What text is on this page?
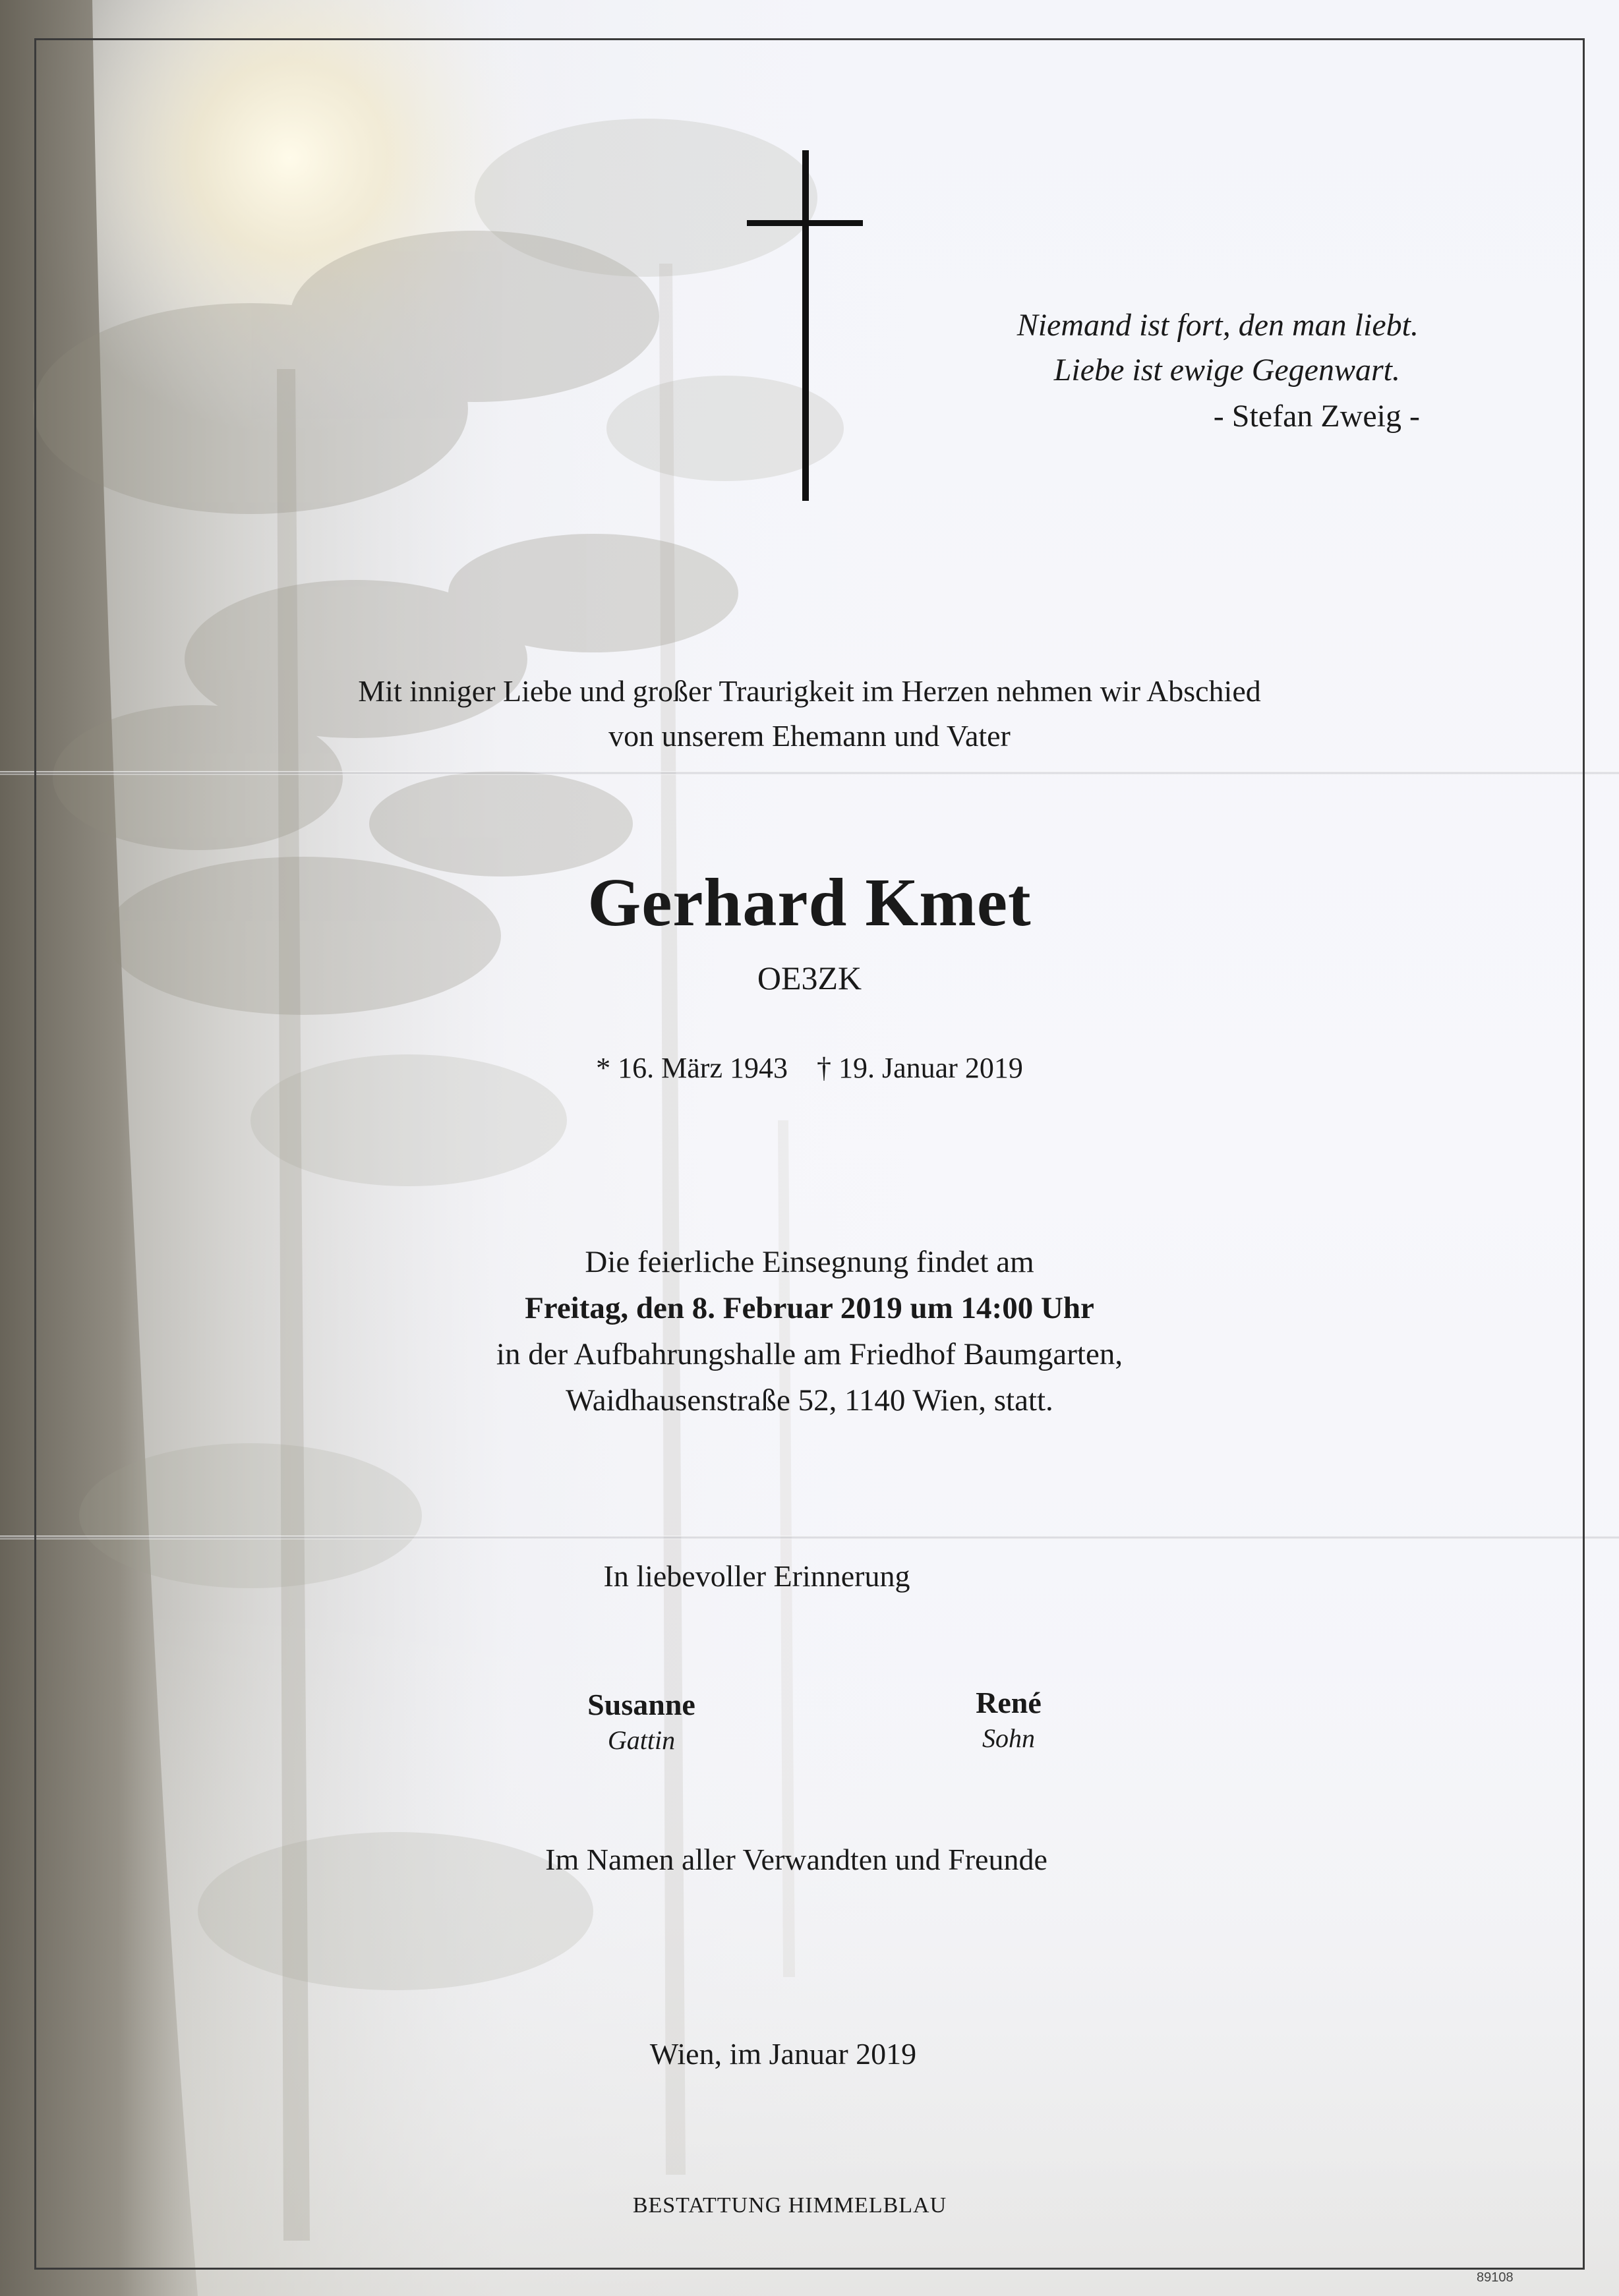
Niemand ist fort, den man liebt.
Liebe ist ewige Gegenwart.
- Stefan Zweig -
Mit inniger Liebe und großer Traurigkeit im Herzen nehmen wir Abschied
von unserem Ehemann und Vater
Gerhard Kmet
OE3ZK
* 16. März 1943    † 19. Januar 2019
Die feierliche Einsegnung findet am
Freitag, den 8. Februar 2019 um 14:00 Uhr
in der Aufbahrungshalle am Friedhof Baumgarten,
Waidhausenstraße 52, 1140 Wien, statt.
In liebevoller Erinnerung
Susanne
Gattin
René
Sohn
Im Namen aller Verwandten und Freunde
Wien, im Januar 2019
BESTATTUNG HIMMELBLAU
89108
